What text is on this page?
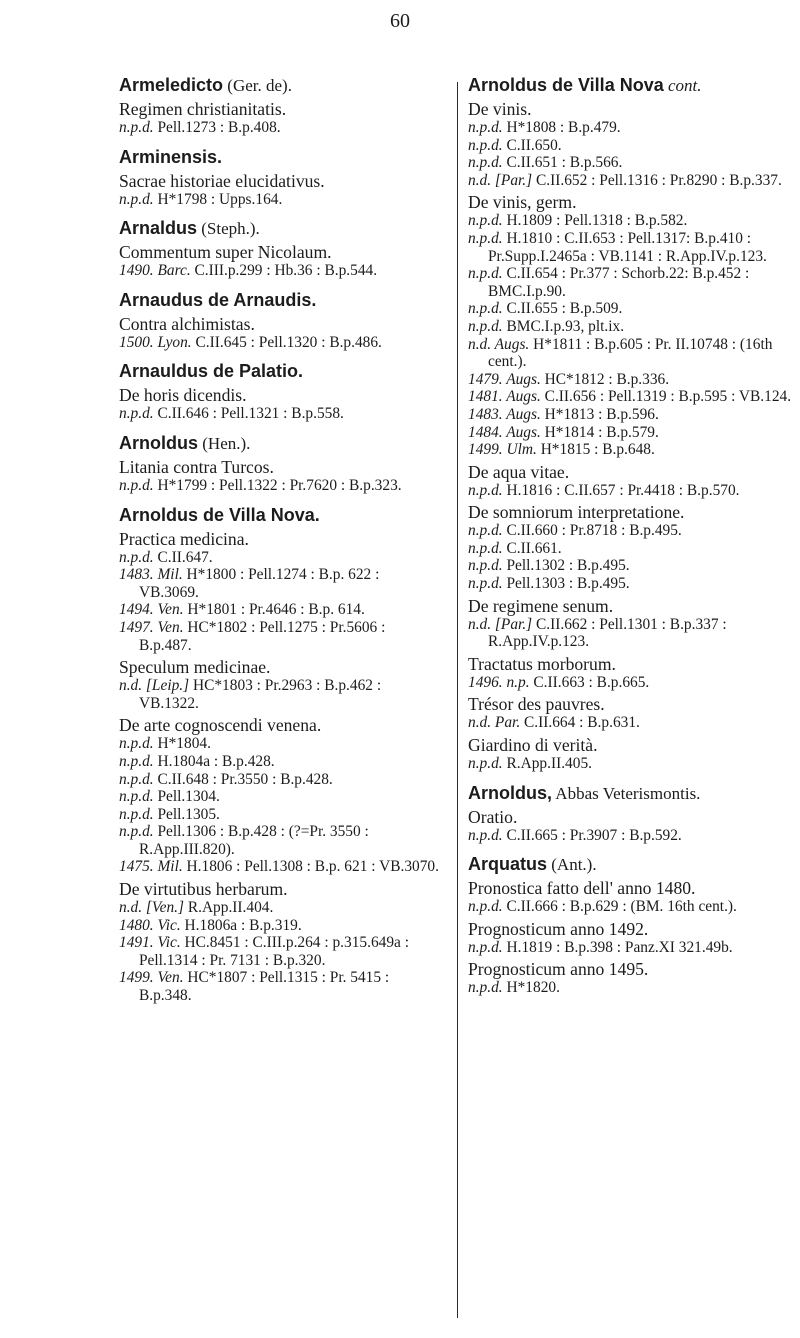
60
Armeledicto (Ger. de).
Regimen christianitatis.
n.p.d. Pell.1273 : B.p.408.
Arminensis.
Sacrae historiae elucidativus.
n.p.d. H*1798 : Upps.164.
Arnaldus (Steph.).
Commentum super Nicolaum.
1490. Barc. C.III.p.299 : Hb.36 : B.p.544.
Arnaudus de Arnaudis.
Contra alchimistas.
1500. Lyon. C.II.645 : Pell.1320 : B.p.486.
Arnauldus de Palatio.
De horis dicendis.
n.p.d. C.II.646 : Pell.1321 : B.p.558.
Arnoldus (Hen.).
Litania contra Turcos.
n.p.d. H*1799 : Pell.1322 : Pr.7620 : B.p.323.
Arnoldus de Villa Nova.
Practica medicina.
n.p.d. C.II.647.
1483. Mil. H*1800 : Pell.1274 : B.p. 622 : VB.3069.
1494. Ven. H*1801 : Pr.4646 : B.p. 614.
1497. Ven. HC*1802 : Pell.1275 : Pr.5606 : B.p.487.
Speculum medicinae.
n.d. [Leip.] HC*1803 : Pr.2963 : B.p.462 : VB.1322.
De arte cognoscendi venena.
n.p.d. H*1804.
n.p.d. H.1804a : B.p.428.
n.p.d. C.II.648 : Pr.3550 : B.p.428.
n.p.d. Pell.1304.
n.p.d. Pell.1305.
n.p.d. Pell.1306 : B.p.428 : (?=Pr. 3550 : R.App.III.820).
1475. Mil. H.1806 : Pell.1308 : B.p. 621 : VB.3070.
De virtutibus herbarum.
n.d. [Ven.] R.App.II.404.
1480. Vic. H.1806a : B.p.319.
1491. Vic. HC.8451 : C.III.p.264 : p.315.649a : Pell.1314 : Pr. 7131 : B.p.320.
1499. Ven. HC*1807 : Pell.1315 : Pr. 5415 : B.p.348.
Arnoldus de Villa Nova cont.
De vinis.
n.p.d. H*1808 : B.p.479.
n.p.d. C.II.650.
n.p.d. C.II.651 : B.p.566.
n.d. [Par.] C.II.652 : Pell.1316 : Pr.8290 : B.p.337.
De vinis, germ.
n.p.d. H.1809 : Pell.1318 : B.p.582.
n.p.d. H.1810 : C.II.653 : Pell.1317: B.p.410 : Pr.Supp.I.2465a : VB.1141 : R.App.IV.p.123.
n.p.d. C.II.654 : Pr.377 : Schorb.22: B.p.452 : BMC.I.p.90.
n.p.d. C.II.655 : B.p.509.
n.p.d. BMC.I.p.93, plt.ix.
n.d. Augs. H*1811 : B.p.605 : Pr. II.10748 : (16th cent.).
1479. Augs. HC*1812 : B.p.336.
1481. Augs. C.II.656 : Pell.1319 : B.p.595 : VB.124.
1483. Augs. H*1813 : B.p.596.
1484. Augs. H*1814 : B.p.579.
1499. Ulm. H*1815 : B.p.648.
De aqua vitae.
n.p.d. H.1816 : C.II.657 : Pr.4418 : B.p.570.
De somniorum interpretatione.
n.p.d. C.II.660 : Pr.8718 : B.p.495.
n.p.d. C.II.661.
n.p.d. Pell.1302 : B.p.495.
n.p.d. Pell.1303 : B.p.495.
De regimene senum.
n.d. [Par.] C.II.662 : Pell.1301 : B.p.337 : R.App.IV.p.123.
Tractatus morborum.
1496. n.p. C.II.663 : B.p.665.
Trésor des pauvres.
n.d. Par. C.II.664 : B.p.631.
Giardino di verità.
n.p.d. R.App.II.405.
Arnoldus, Abbas Veterismontis.
Oratio.
n.p.d. C.II.665 : Pr.3907 : B.p.592.
Arquatus (Ant.).
Pronostica fatto dell' anno 1480.
n.p.d. C.II.666 : B.p.629 : (BM. 16th cent.).
Prognosticum anno 1492.
n.p.d. H.1819 : B.p.398 : Panz.XI 321.49b.
Prognosticum anno 1495.
n.p.d. H*1820.
